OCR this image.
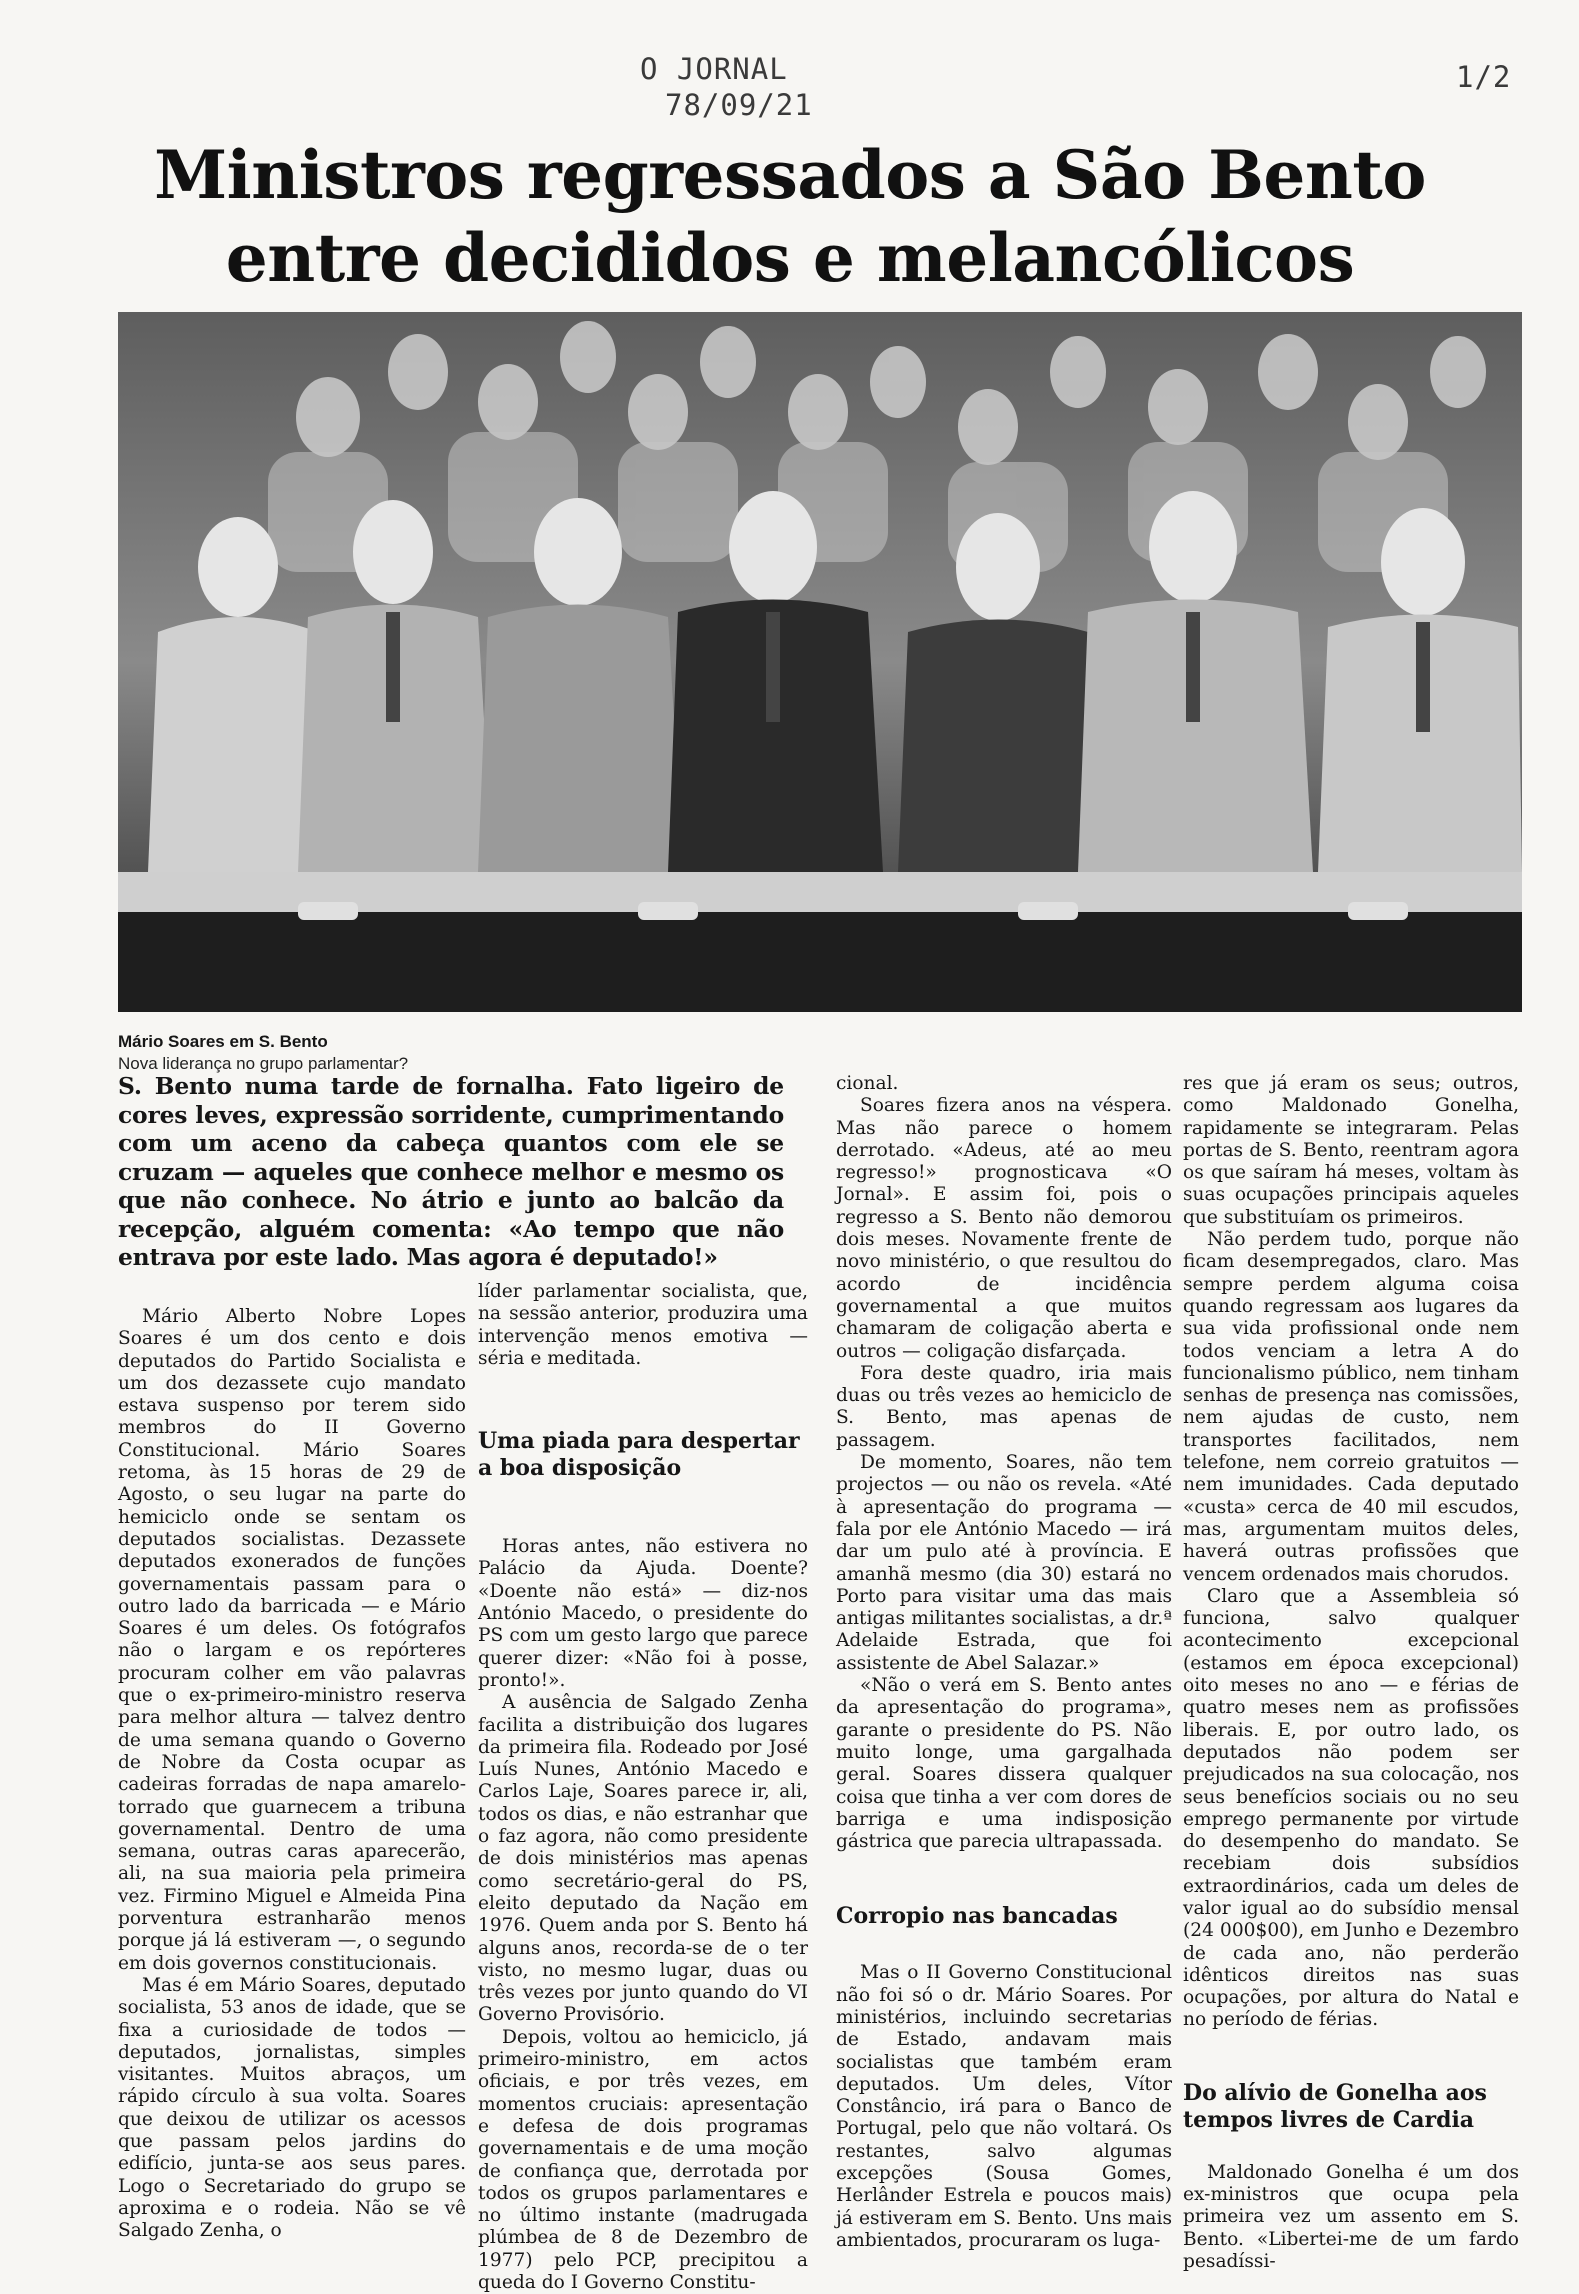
O JORNAL
78/09/21
1/2
Ministros regressados a São Bento
entre decididos e melancólicos
Mário Soares em S. Bento
Nova liderança no grupo parlamentar?

S. Bento numa tarde de fornalha. Fato ligeiro de cores leves, expressão sorridente, cumprimentando com um aceno da cabeça quantos com ele se cruzam — aqueles que conhece melhor e mesmo os que não conhece. No átrio e junto ao balcão da recepção, alguém comenta: «Ao tempo que não entrava por este lado. Mas agora é deputado!»

Mário Alberto Nobre Lopes Soares é um dos cento e dois deputados do Partido Socialista e um dos dezassete cujo mandato estava suspenso por terem sido membros do II Governo Constitucional. Mário Soares retoma, às 15 horas de 29 de Agosto, o seu lugar na parte do hemiciclo onde se sentam os deputados socialistas. Dezassete deputados exonerados de funções governamentais passam para o outro lado da barricada — e Mário Soares é um deles. Os fotógrafos não o largam e os repórteres procuram colher em vão palavras que o ex-primeiro-ministro reserva para melhor altura — talvez dentro de uma semana quando o Governo de Nobre da Costa ocupar as cadeiras forradas de napa amarelo-torrado que guarnecem a tribuna governamental. Dentro de uma semana, outras caras aparecerão, ali, na sua maioria pela primeira vez. Firmino Miguel e Almeida Pina porventura estranharão menos porque já lá estiveram —, o segundo em dois governos constitucionais.

Mas é em Mário Soares, deputado socialista, 53 anos de idade, que se fixa a curiosidade de todos — deputados, jornalistas, simples visitantes. Muitos abraços, um rápido círculo à sua volta. Soares que deixou de utilizar os acessos que passam pelos jardins do edifício, junta-se aos seus pares. Logo o Secretariado do grupo se aproxima e o rodeia. Não se vê Salgado Zenha, o

líder parlamentar socialista, que, na sessão anterior, produzira uma intervenção menos emotiva — séria e meditada.

Uma piada para despertar a boa disposição

Horas antes, não estivera no Palácio da Ajuda. Doente? «Doente não está» — diz-nos António Macedo, o presidente do PS com um gesto largo que parece querer dizer: «Não foi à posse, pronto!».

A ausência de Salgado Zenha facilita a distribuição dos lugares da primeira fila. Rodeado por José Luís Nunes, António Macedo e Carlos Laje, Soares parece ir, ali, todos os dias, e não estranhar que o faz agora, não como presidente de dois ministérios mas apenas como secretário-geral do PS, eleito deputado da Nação em 1976. Quem anda por S. Bento há alguns anos, recorda-se de o ter visto, no mesmo lugar, duas ou três vezes por junto quando do VI Governo Provisório.

Depois, voltou ao hemiciclo, já primeiro-ministro, em actos oficiais, e por três vezes, em momentos cruciais: apresentação e defesa de dois programas governamentais e de uma moção de confiança que, derrotada por todos os grupos parlamentares e no último instante (madrugada plúmbea de 8 de Dezembro de 1977) pelo PCP, precipitou a queda do I Governo Constitu-

cional.

Soares fizera anos na véspera. Mas não parece o homem derrotado. «Adeus, até ao meu regresso!» prognosticava «O Jornal». E assim foi, pois o regresso a S. Bento não demorou dois meses. Novamente frente de novo ministério, o que resultou do acordo de incidência governamental a que muitos chamaram de coligação aberta e outros — coligação disfarçada.

Fora deste quadro, iria mais duas ou três vezes ao hemiciclo de S. Bento, mas apenas de passagem.

De momento, Soares, não tem projectos — ou não os revela. «Até à apresentação do programa — fala por ele António Macedo — irá dar um pulo até à província. E amanhã mesmo (dia 30) estará no Porto para visitar uma das mais antigas militantes socialistas, a dr.ª Adelaide Estrada, que foi assistente de Abel Salazar.»

«Não o verá em S. Bento antes da apresentação do programa», garante o presidente do PS. Não muito longe, uma gargalhada geral. Soares dissera qualquer coisa que tinha a ver com dores de barriga e uma indisposição gástrica que parecia ultrapassada.

Corropio nas bancadas

Mas o II Governo Constitucional não foi só o dr. Mário Soares. Por ministérios, incluindo secretarias de Estado, andavam mais socialistas que também eram deputados. Um deles, Vítor Constâncio, irá para o Banco de Portugal, pelo que não voltará. Os restantes, salvo algumas excepções (Sousa Gomes, Herlânder Estrela e poucos mais) já estiveram em S. Bento. Uns mais ambientados, procuraram os luga-

res que já eram os seus; outros, como Maldonado Gonelha, rapidamente se integraram. Pelas portas de S. Bento, reentram agora os que saíram há meses, voltam às suas ocupações principais aqueles que substituíam os primeiros.

Não perdem tudo, porque não ficam desempregados, claro. Mas sempre perdem alguma coisa quando regressam aos lugares da sua vida profissional onde nem todos venciam a letra A do funcionalismo público, nem tinham senhas de presença nas comissões, nem ajudas de custo, nem transportes facilitados, nem telefone, nem correio gratuitos — nem imunidades. Cada deputado «custa» cerca de 40 mil escudos, mas, argumentam muitos deles, haverá outras profissões que vencem ordenados mais chorudos.

Claro que a Assembleia só funciona, salvo qualquer acontecimento excepcional (estamos em época excepcional) oito meses no ano — e férias de quatro meses nem as profissões liberais. E, por outro lado, os deputados não podem ser prejudicados na sua colocação, nos seus benefícios sociais ou no seu emprego permanente por virtude do desempenho do mandato. Se recebiam dois subsídios extraordinários, cada um deles de valor igual ao do subsídio mensal (24 000$00), em Junho e Dezembro de cada ano, não perderão idênticos direitos nas suas ocupações, por altura do Natal e no período de férias.

Do alívio de Gonelha aos tempos livres de Cardia

Maldonado Gonelha é um dos ex-ministros que ocupa pela primeira vez um assento em S. Bento. «Libertei-me de um fardo pesadíssi-
